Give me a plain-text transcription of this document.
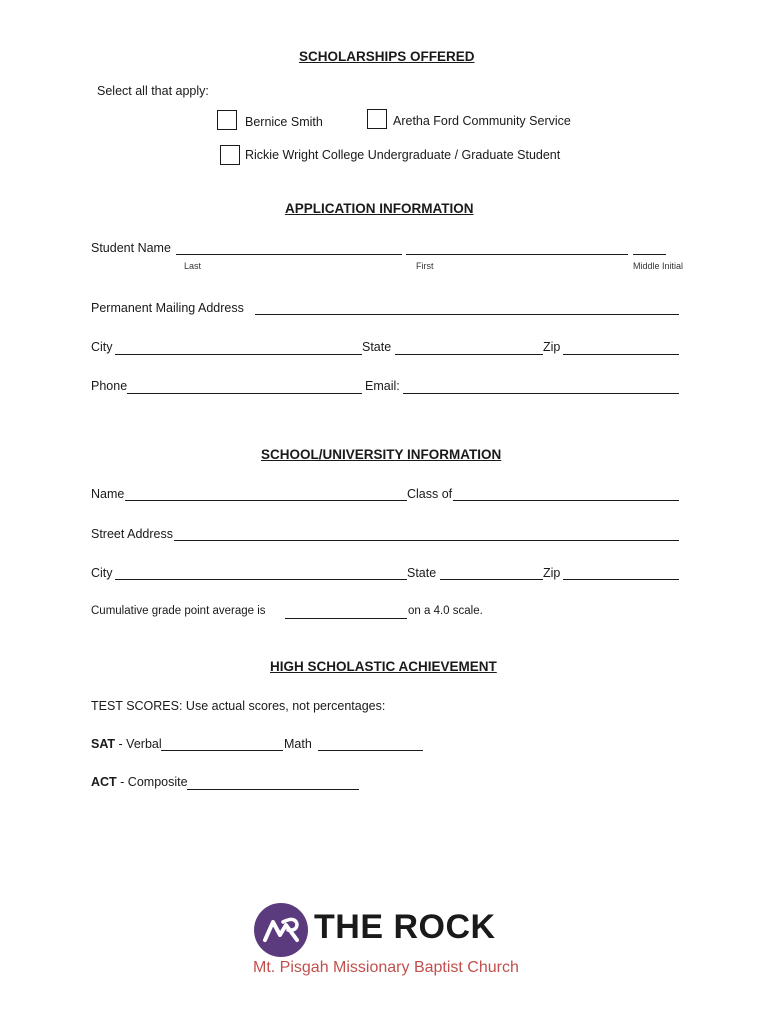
SCHOLARSHIPS OFFERED
Select all that apply:
Bernice Smith	Aretha Ford Community Service
Rickie Wright College Undergraduate / Graduate Student
APPLICATION INFORMATION
Student Name
Last	First	Middle Initial
Permanent Mailing Address
City	State	Zip
Phone	Email:
SCHOOL/UNIVERSITY INFORMATION
Name	Class of
Street Address
City	State	Zip
Cumulative grade point average is	on a 4.0 scale.
HIGH SCHOLASTIC ACHIEVEMENT
TEST SCORES: Use actual scores, not percentages:
SAT - Verbal	Math
ACT - Composite
THE ROCK
Mt. Pisgah Missionary Baptist Church
